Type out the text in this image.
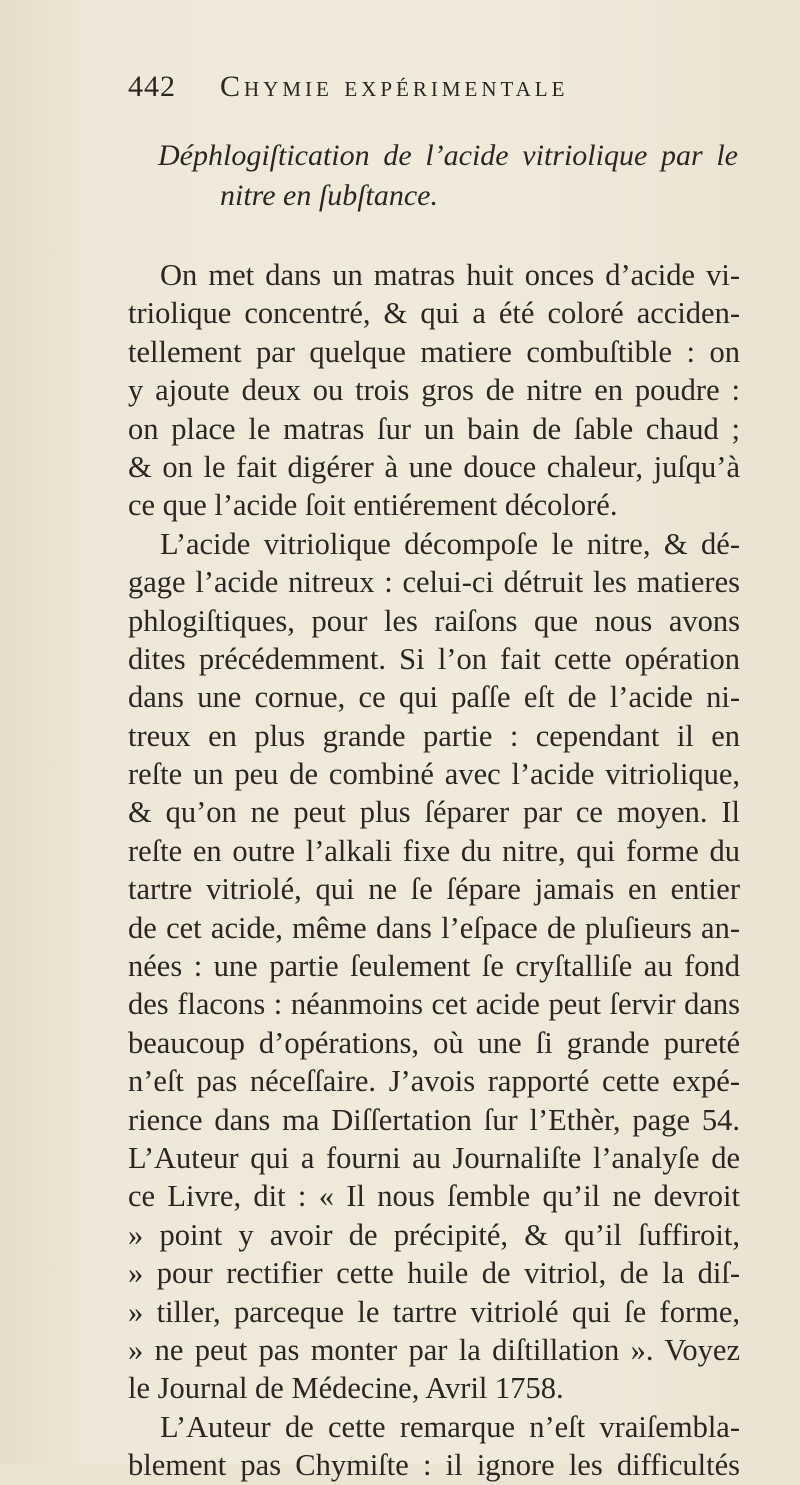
442 Chymie expérimentale
Déphlogiſtication de l’acide vitriolique par le
nitre en ſubſtance.
On met dans un matras huit onces d’acide vi-
triolique concentré, & qui a été coloré acciden-
tellement par quelque matiere combuſtible : on
y ajoute deux ou trois gros de nitre en poudre :
on place le matras ſur un bain de ſable chaud ;
& on le fait digérer à une douce chaleur, juſqu’à
ce que l’acide ſoit entiérement décoloré.
L’acide vitriolique décompoſe le nitre, & dé-
gage l’acide nitreux : celui-ci détruit les matieres
phlogiſtiques, pour les raiſons que nous avons
dites précédemment. Si l’on fait cette opération
dans une cornue, ce qui paſſe eſt de l’acide ni-
treux en plus grande partie : cependant il en
reſte un peu de combiné avec l’acide vitriolique,
& qu’on ne peut plus ſéparer par ce moyen. Il
reſte en outre l’alkali fixe du nitre, qui forme du
tartre vitriolé, qui ne ſe ſépare jamais en entier
de cet acide, même dans l’eſpace de pluſieurs an-
nées : une partie ſeulement ſe cryſtalliſe au fond
des flacons : néanmoins cet acide peut ſervir dans
beaucoup d’opérations, où une ſi grande pureté
n’eſt pas néceſſaire. J’avois rapporté cette expé-
rience dans ma Diſſertation ſur l’Ethèr, page 54.
L’Auteur qui a fourni au Journaliſte l’analyſe de
ce Livre, dit : « Il nous ſemble qu’il ne devroit
» point y avoir de précipité, & qu’il ſuffiroit,
» pour rectifier cette huile de vitriol, de la diſ-
» tiller, parceque le tartre vitriolé qui ſe forme,
» ne peut pas monter par la diſtillation ». Voyez
le Journal de Médecine, Avril 1758.
L’Auteur de cette remarque n’eſt vraiſembla-
blement pas Chymiſte : il ignore les difficultés
